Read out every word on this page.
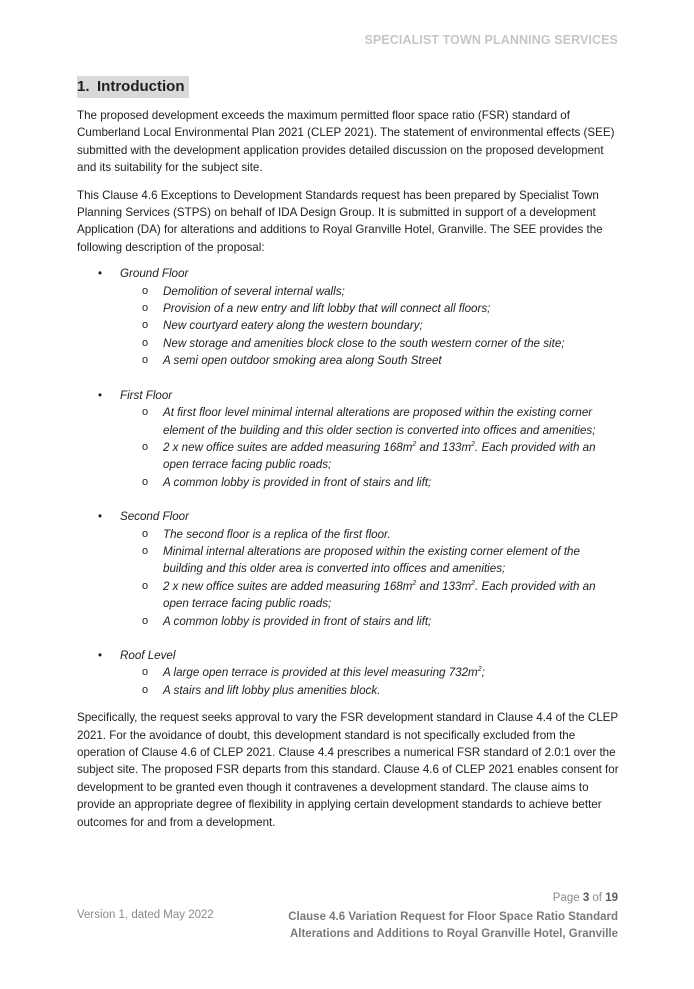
SPECIALIST TOWN PLANNING SERVICES
1. Introduction

The proposed development exceeds the maximum permitted floor space ratio (FSR) standard of Cumberland Local Environmental Plan 2021 (CLEP 2021). The statement of environmental effects (SEE) submitted with the development application provides detailed discussion on the proposed development and its suitability for the subject site.

This Clause 4.6 Exceptions to Development Standards request has been prepared by Specialist Town Planning Services (STPS) on behalf of IDA Design Group. It is submitted in support of a development Application (DA) for alterations and additions to Royal Granville Hotel, Granville. The SEE provides the following description of the proposal:

• Ground Floor
o Demolition of several internal walls;
o Provision of a new entry and lift lobby that will connect all floors;
o New courtyard eatery along the western boundary;
o New storage and amenities block close to the south western corner of the site;
o A semi open outdoor smoking area along South Street
• First Floor
o At first floor level minimal internal alterations are proposed within the existing corner element of the building and this older section is converted into offices and amenities;
o 2 x new office suites are added measuring $168m^2$ and $133m^2$. Each provided with an open terrace facing public roads;
o A common lobby is provided in front of stairs and lift;
• Second Floor
o The second floor is a replica of the first floor.
o Minimal internal alterations are proposed within the existing corner element of the building and this older area is converted into offices and amenities;
o 2 x new office suites are added measuring $168m^2$ and $133m^2$. Each provided with an open terrace facing public roads;
o A common lobby is provided in front of stairs and lift;
• Roof Level
o A large open terrace is provided at this level measuring $732m^2$;
o A stairs and lift lobby plus amenities block.

Specifically, the request seeks approval to vary the FSR development standard in Clause 4.4 of the CLEP 2021. For the avoidance of doubt, this development standard is not specifically excluded from the operation of Clause 4.6 of CLEP 2021. Clause 4.4 prescribes a numerical FSR standard of 2.0:1 over the subject site. The proposed FSR departs from this standard. Clause 4.6 of CLEP 2021 enables consent for development to be granted even though it contravenes a development standard. The clause aims to provide an appropriate degree of flexibility in applying certain development standards to achieve better outcomes for and from a development.

Page 3 of 19
Version 1, dated May 2022	Clause 4.6 Variation Request for Floor Space Ratio Standard
Alterations and Additions to Royal Granville Hotel, Granville
